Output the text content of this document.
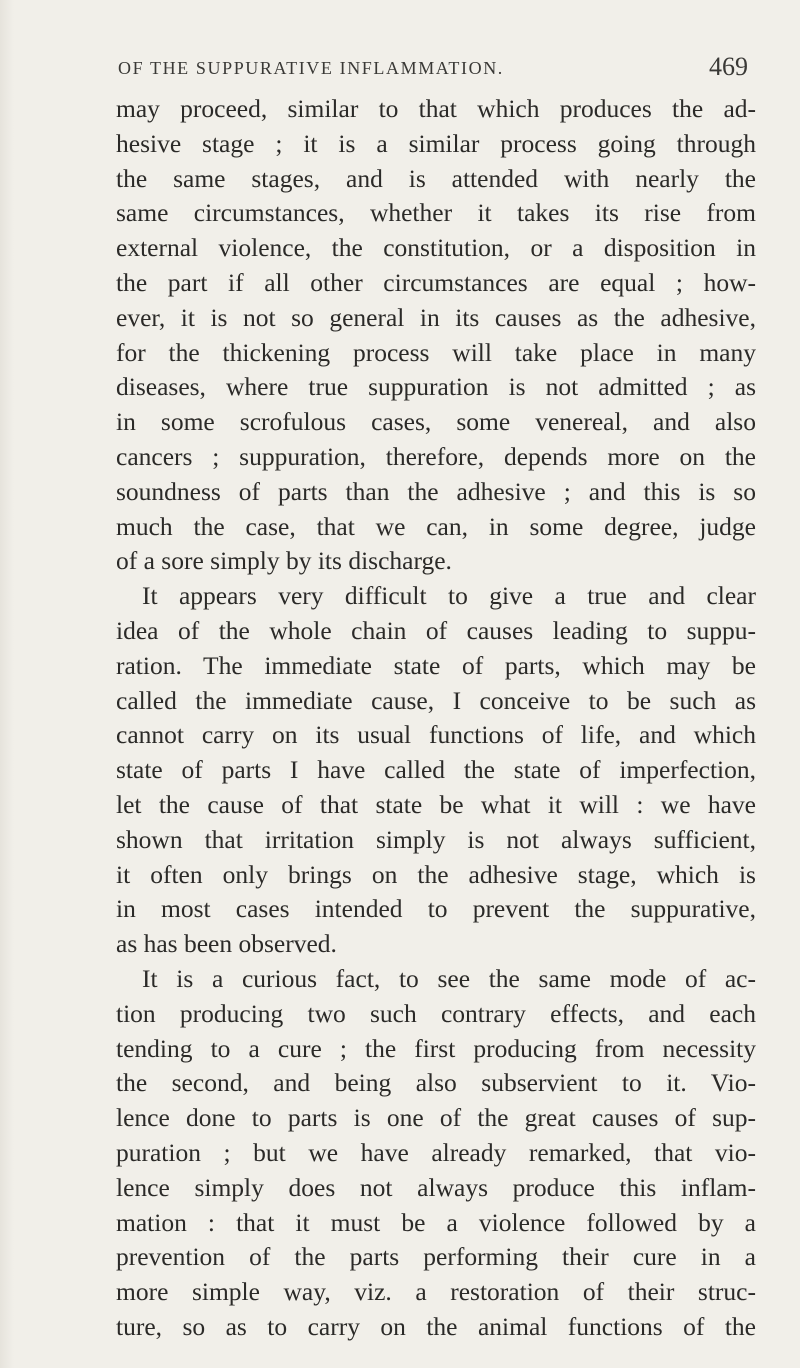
OF THE SUPPURATIVE INFLAMMATION.	469
may proceed, similar to that which produces the ad-
hesive stage ; it is a similar process going through
the same stages, and is attended with nearly the
same circumstances, whether it takes its rise from
external violence, the constitution, or a disposition in
the part if all other circumstances are equal ; how-
ever, it is not so general in its causes as the adhesive,
for the thickening process will take place in many
diseases, where true suppuration is not admitted ; as
in some scrofulous cases, some venereal, and also
cancers ; suppuration, therefore, depends more on the
soundness of parts than the adhesive ; and this is so
much the case, that we can, in some degree, judge
of a sore simply by its discharge.
It appears very difficult to give a true and clear
idea of the whole chain of causes leading to suppu-
ration. The immediate state of parts, which may be
called the immediate cause, I conceive to be such as
cannot carry on its usual functions of life, and which
state of parts I have called the state of imperfection,
let the cause of that state be what it will : we have
shown that irritation simply is not always sufficient,
it often only brings on the adhesive stage, which is
in most cases intended to prevent the suppurative,
as has been observed.
It is a curious fact, to see the same mode of ac-
tion producing two such contrary effects, and each
tending to a cure ; the first producing from necessity
the second, and being also subservient to it. Vio-
lence done to parts is one of the great causes of sup-
puration ; but we have already remarked, that vio-
lence simply does not always produce this inflam-
mation : that it must be a violence followed by a
prevention of the parts performing their cure in a
more simple way, viz. a restoration of their struc-
ture, so as to carry on the animal functions of the
